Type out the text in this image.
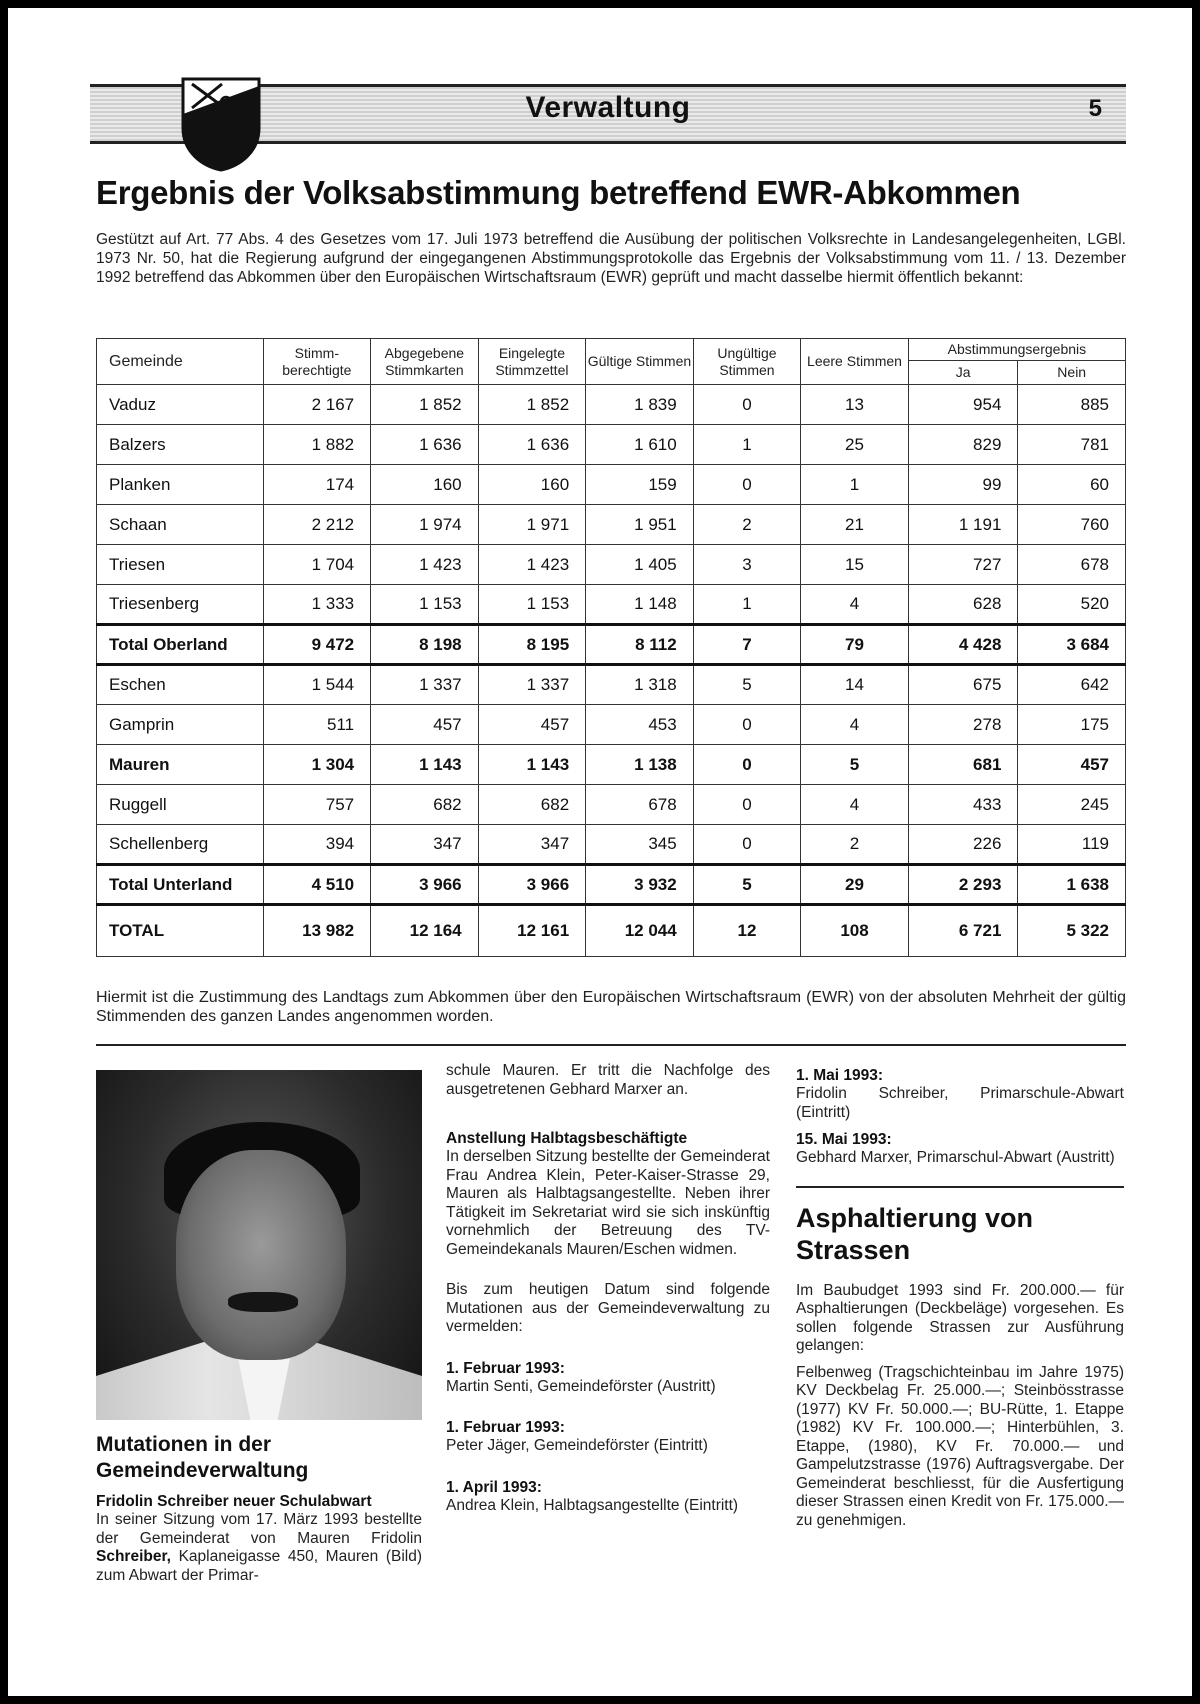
Verwaltung	5
Ergebnis der Volksabstimmung betreffend EWR-Abkommen

Gestützt auf Art. 77 Abs. 4 des Gesetzes vom 17. Juli 1973 betreffend die Ausübung der politischen Volksrechte in Landesangelegenheiten, LGBl. 1973 Nr. 50, hat die Regierung aufgrund der eingegangenen Abstimmungsprotokolle das Ergebnis der Volksabstimmung vom 11. / 13. Dezember 1992 betreffend das Abkommen über den Europäischen Wirtschaftsraum (EWR) geprüft und macht dasselbe hiermit öffentlich bekannt:

Gemeinde	Stimm-berechtigte	Abgegebene Stimmkarten	Eingelegte Stimmzettel	Gültige Stimmen	Ungültige Stimmen	Leere Stimmen	Abstimmungsergebnis	
							Ja	Nein
Vaduz	2 167	1 852	1 852	1 839	0	13	954	885
Balzers	1 882	1 636	1 636	1 610	1	25	829	781
Planken	174	160	160	159	0	1	99	60
Schaan	2 212	1 974	1 971	1 951	2	21	1 191	760
Triesen	1 704	1 423	1 423	1 405	3	15	727	678
Triesenberg	1 333	1 153	1 153	1 148	1	4	628	520
Total Oberland	9 472	8 198	8 195	8 112	7	79	4 428	3 684
Eschen	1 544	1 337	1 337	1 318	5	14	675	642
Gamprin	511	457	457	453	0	4	278	175
Mauren	1 304	1 143	1 143	1 138	0	5	681	457
Ruggell	757	682	682	678	0	4	433	245
Schellenberg	394	347	347	345	0	2	226	119
Total Unterland	4 510	3 966	3 966	3 932	5	29	2 293	1 638
TOTAL	13 982	12 164	12 161	12 044	12	108	6 721	5 322

Hiermit ist die Zustimmung des Landtags zum Abkommen über den Europäischen Wirtschaftsraum (EWR) von der absoluten Mehrheit der gültig Stimmenden des ganzen Landes angenommen worden.

Mutationen in der Gemeindeverwaltung
Fridolin Schreiber neuer Schulabwart

In seiner Sitzung vom 17. März 1993 bestellte der Gemeinderat von Mauren Fridolin Schreiber, Kaplaneigasse 450, Mauren (Bild) zum Abwart der Primar-

schule Mauren. Er tritt die Nachfolge des ausgetretenen Gebhard Marxer an.

Anstellung Halbtagsbeschäftigte

In derselben Sitzung bestellte der Gemeinderat Frau Andrea Klein, Peter-Kaiser-Strasse 29, Mauren als Halbtagsangestellte. Neben ihrer Tätigkeit im Sekretariat wird sie sich inskünftig vornehmlich der Betreuung des TV-Gemeindekanals Mauren/Eschen widmen.

Bis zum heutigen Datum sind folgende Mutationen aus der Gemeindeverwaltung zu vermelden:

1. Februar 1993:

Martin Senti, Gemeindeförster (Austritt)

1. Februar 1993:

Peter Jäger, Gemeindeförster (Eintritt)

1. April 1993:

Andrea Klein, Halbtagsangestellte (Eintritt)

1. Mai 1993:

Fridolin Schreiber, Primarschule-Abwart (Eintritt)

15. Mai 1993:

Gebhard Marxer, Primarschul-Abwart (Austritt)

Asphaltierung von Strassen

Im Baubudget 1993 sind Fr. 200.000.— für Asphaltierungen (Deckbeläge) vorgesehen. Es sollen folgende Strassen zur Ausführung gelangen:

Felbenweg (Tragschichteinbau im Jahre 1975) KV Deckbelag Fr. 25.000.—; Steinbösstrasse (1977) KV Fr. 50.000.—; BU-Rütte, 1. Etappe (1982) KV Fr. 100.000.—; Hinterbühlen, 3. Etappe, (1980), KV Fr. 70.000.— und Gampelutzstrasse (1976) Auftragsvergabe. Der Gemeinderat beschliesst, für die Ausfertigung dieser Strassen einen Kredit von Fr. 175.000.— zu genehmigen.
